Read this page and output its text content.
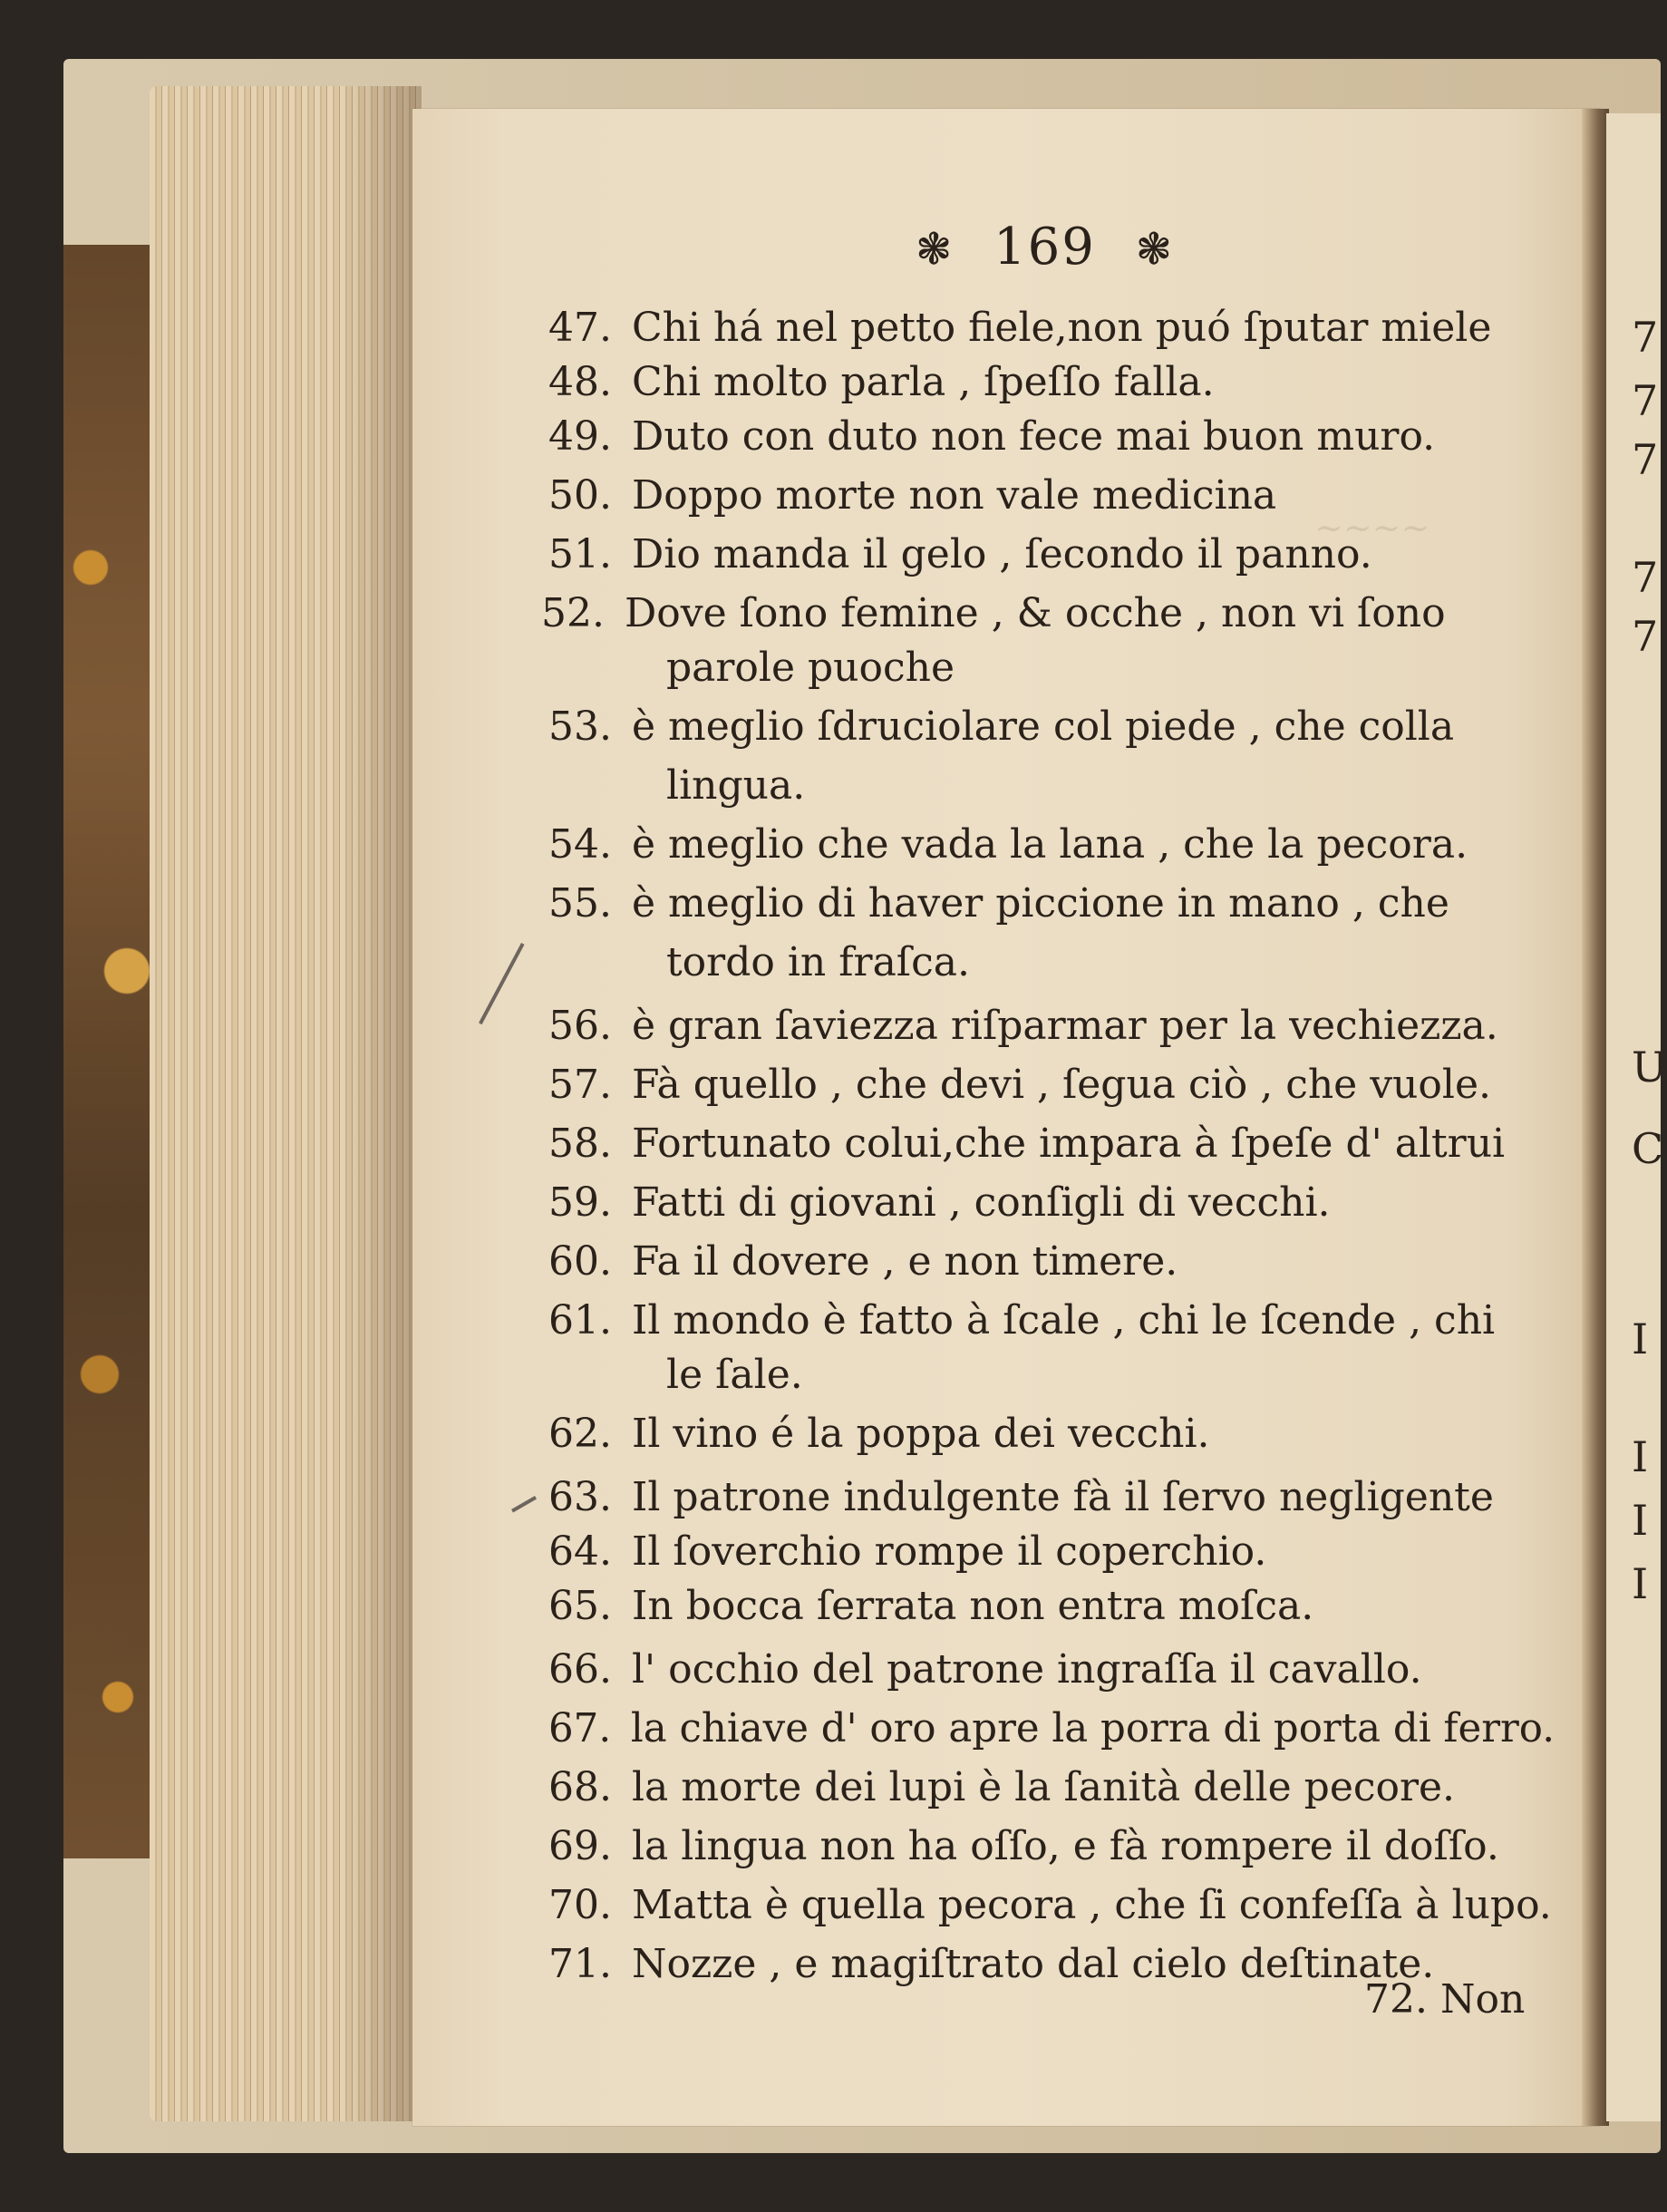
~~~~
❃ 169 ❃
47. Chi há nel petto fiele,non puó ſputar miele
48. Chi molto parla , ſpeſſo falla.
49. Duto con duto non fece mai buon muro.
50. Doppo morte non vale medicina
51. Dio manda il gelo , ſecondo il panno.
52. Dove ſono femine , & ocche , non vi ſono
parole puoche
53. è meglio ſdruciolare col piede , che colla
lingua.
54. è meglio che vada la lana , che la pecora.
55. è meglio di haver piccione in mano , che
tordo in fraſca.
56. è gran ſaviezza riſparmar per la vechiezza.
57. Fà quello , che devi , ſegua ciò , che vuole.
58. Fortunato colui,che impara à ſpeſe d' altrui
59. Fatti di giovani , conſigli di vecchi.
60. Fa il dovere , e non timere.
61. Il mondo è fatto à ſcale , chi le ſcende , chi
le ſale.
62. Il vino é la poppa dei vecchi.
63. Il patrone indulgente fà il ſervo negligente
64. Il ſoverchio rompe il coperchio.
65. In bocca ſerrata non entra moſca.
66. l' occhio del patrone ingraſſa il cavallo.
67. la chiave d' oro apre la porra di porta di ferro.
68. la morte dei lupi è la ſanità delle pecore.
69. la lingua non ha oſſo, e fà rompere il doſſo.
70. Matta è quella pecora , che ſi confeſſa à lupo.
71. Nozze , e magiſtrato dal cielo deſtinate.
72. Non
7
7
7
7
7
U
C
I
I
I
I
